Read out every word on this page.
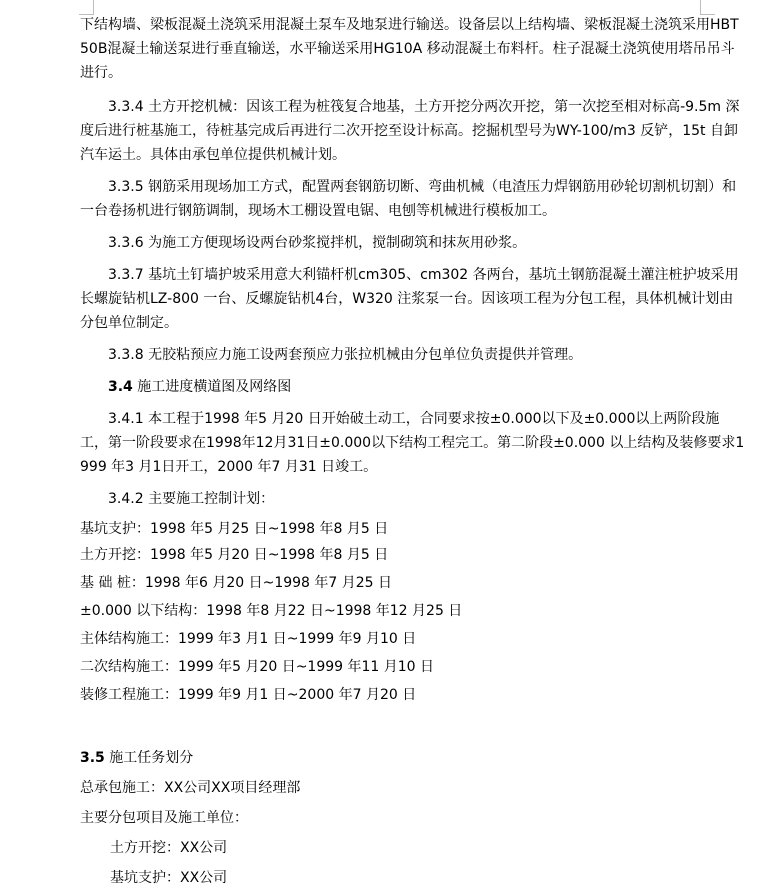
下结构墙、梁板混凝土浇筑采用混凝土泵车及地泵进行输送。设备层以上结构墙、梁板混凝土浇筑采用HBT50B混凝土输送泵进行垂直输送，水平输送采用HG10A 移动混凝土布料杆。柱子混凝土浇筑使用塔吊吊斗进行。

3.3.4 土方开挖机械：因该工程为桩筏复合地基，土方开挖分两次开挖，第一次挖至相对标高-9.5m 深度后进行桩基施工，待桩基完成后再进行二次开挖至设计标高。挖掘机型号为WY-100/m3 反铲，15t 自卸汽车运土。具体由承包单位提供机械计划。

3.3.5 钢筋采用现场加工方式，配置两套钢筋切断、弯曲机械（电渣压力焊钢筋用砂轮切割机切割）和一台卷扬机进行钢筋调制，现场木工棚设置电锯、电刨等机械进行模板加工。

3.3.6 为施工方便现场设两台砂浆搅拌机，搅制砌筑和抹灰用砂浆。

3.3.7 基坑土钉墙护坡采用意大利锚杆机cm305、cm302 各两台，基坑土钢筋混凝土灌注桩护坡采用长螺旋钻机LZ-800 一台、反螺旋钻机4台，W320 注浆泵一台。因该项工程为分包工程，具体机械计划由分包单位制定。

3.3.8 无胶粘预应力施工设两套预应力张拉机械由分包单位负责提供并管理。

3.4 施工进度横道图及网络图

3.4.1 本工程于1998 年5 月20 日开始破土动工，合同要求按±0.000以下及±0.000以上两阶段施工，第一阶段要求在1998年12月31日±0.000以下结构工程完工。第二阶段±0.000 以上结构及装修要求1999 年3 月1日开工，2000 年7 月31 日竣工。

3.4.2 主要施工控制计划：

基坑支护：1998 年5 月25 日~1998 年8 月5 日
土方开挖：1998 年5 月20 日~1998 年8 月5 日
基 础 桩：1998 年6 月20 日~1998 年7 月25 日
±0.000 以下结构：1998 年8 月22 日~1998 年12 月25 日
主体结构施工：1999 年3 月1 日~1999 年9 月10 日
二次结构施工：1999 年5 月20 日~1999 年11 月10 日
装修工程施工：1999 年9 月1 日~2000 年7 月20 日
3.5 施工任务划分
总承包施工：XX公司XX项目经理部
主要分包项目及施工单位：
土方开挖：XX公司
基坑支护：XX公司
